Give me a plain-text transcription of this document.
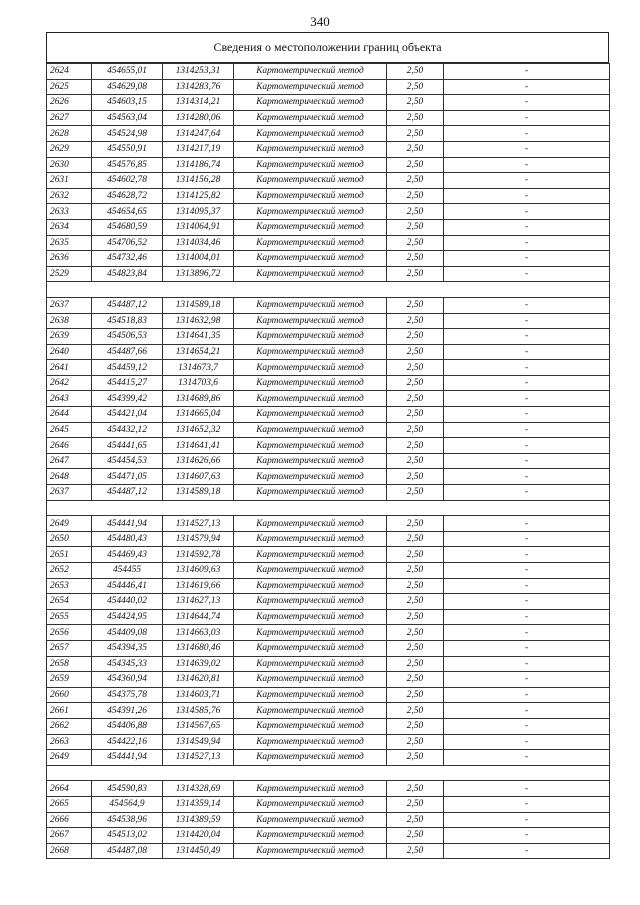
340
Сведения о местоположении границ объекта
2624	454655,01	1314253,31	Картометрический метод	2,50	-
2625	454629,08	1314283,76	Картометрический метод	2,50	-
2626	454603,15	1314314,21	Картометрический метод	2,50	-
2627	454563,04	1314280,06	Картометрический метод	2,50	-
2628	454524,98	1314247,64	Картометрический метод	2,50	-
2629	454550,91	1314217,19	Картометрический метод	2,50	-
2630	454576,85	1314186,74	Картометрический метод	2,50	-
2631	454602,78	1314156,28	Картометрический метод	2,50	-
2632	454628,72	1314125,82	Картометрический метод	2,50	-
2633	454654,65	1314095,37	Картометрический метод	2,50	-
2634	454680,59	1314064,91	Картометрический метод	2,50	-
2635	454706,52	1314034,46	Картометрический метод	2,50	-
2636	454732,46	1314004,01	Картометрический метод	2,50	-
2529	454823,84	1313896,72	Картометрический метод	2,50	-

2637	454487,12	1314589,18	Картометрический метод	2,50	-
2638	454518,83	1314632,98	Картометрический метод	2,50	-
2639	454506,53	1314641,35	Картометрический метод	2,50	-
2640	454487,66	1314654,21	Картометрический метод	2,50	-
2641	454459,12	1314673,7	Картометрический метод	2,50	-
2642	454415,27	1314703,6	Картометрический метод	2,50	-
2643	454399,42	1314689,86	Картометрический метод	2,50	-
2644	454421,04	1314665,04	Картометрический метод	2,50	-
2645	454432,12	1314652,32	Картометрический метод	2,50	-
2646	454441,65	1314641,41	Картометрический метод	2,50	-
2647	454454,53	1314626,66	Картометрический метод	2,50	-
2648	454471,05	1314607,63	Картометрический метод	2,50	-
2637	454487,12	1314589,18	Картометрический метод	2,50	-

2649	454441,94	1314527,13	Картометрический метод	2,50	-
2650	454480,43	1314579,94	Картометрический метод	2,50	-
2651	454469,43	1314592,78	Картометрический метод	2,50	-
2652	454455	1314609,63	Картометрический метод	2,50	-
2653	454446,41	1314619,66	Картометрический метод	2,50	-
2654	454440,02	1314627,13	Картометрический метод	2,50	-
2655	454424,95	1314644,74	Картометрический метод	2,50	-
2656	454409,08	1314663,03	Картометрический метод	2,50	-
2657	454394,35	1314680,46	Картометрический метод	2,50	-
2658	454345,33	1314639,02	Картометрический метод	2,50	-
2659	454360,94	1314620,81	Картометрический метод	2,50	-
2660	454375,78	1314603,71	Картометрический метод	2,50	-
2661	454391,26	1314585,76	Картометрический метод	2,50	-
2662	454406,88	1314567,65	Картометрический метод	2,50	-
2663	454422,16	1314549,94	Картометрический метод	2,50	-
2649	454441,94	1314527,13	Картометрический метод	2,50	-

2664	454590,83	1314328,69	Картометрический метод	2,50	-
2665	454564,9	1314359,14	Картометрический метод	2,50	-
2666	454538,96	1314389,59	Картометрический метод	2,50	-
2667	454513,02	1314420,04	Картометрический метод	2,50	-
2668	454487,08	1314450,49	Картометрический метод	2,50	-
